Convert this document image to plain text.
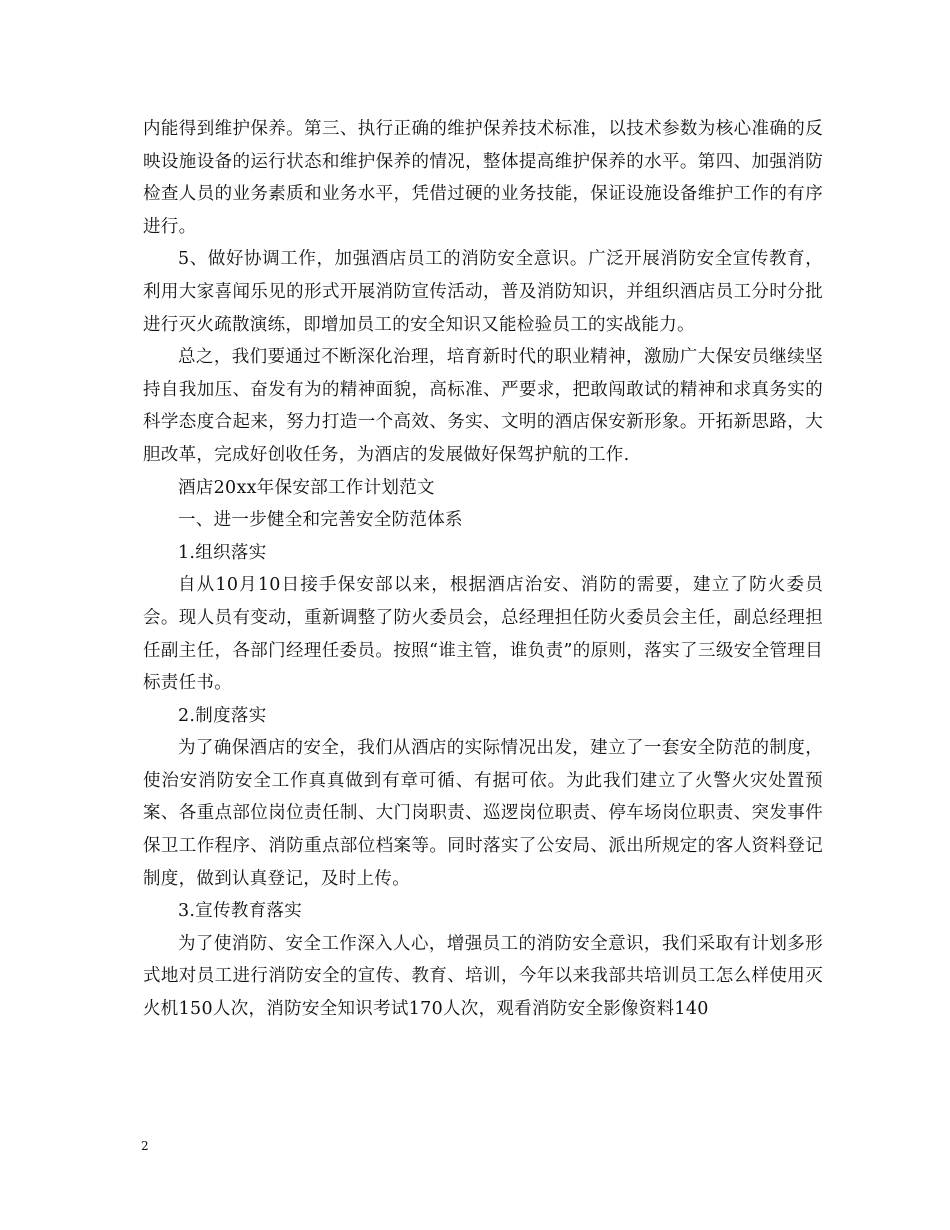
内能得到维护保养。第三、执行正确的维护保养技术标准，以技术参数为核心准确的反映设施设备的运行状态和维护保养的情况，整体提高维护保养的水平。第四、加强消防检查人员的业务素质和业务水平，凭借过硬的业务技能，保证设施设备维护工作的有序进行。

5、做好协调工作，加强酒店员工的消防安全意识。广泛开展消防安全宣传教育，利用大家喜闻乐见的形式开展消防宣传活动，普及消防知识，并组织酒店员工分时分批进行灭火疏散演练，即增加员工的安全知识又能检验员工的实战能力。

总之，我们要通过不断深化治理，培育新时代的职业精神，激励广大保安员继续坚持自我加压、奋发有为的精神面貌，高标准、严要求，把敢闯敢试的精神和求真务实的科学态度合起来，努力打造一个高效、务实、文明的酒店保安新形象。开拓新思路，大胆改革，完成好创收任务，为酒店的发展做好保驾护航的工作.

酒店20xx年保安部工作计划范文

一、进一步健全和完善安全防范体系

1.组织落实

自从10月10日接手保安部以来，根据酒店治安、消防的需要，建立了防火委员会。现人员有变动，重新调整了防火委员会，总经理担任防火委员会主任，副总经理担任副主任，各部门经理任委员。按照“谁主管，谁负责”的原则，落实了三级安全管理目标责任书。

2.制度落实

为了确保酒店的安全，我们从酒店的实际情况出发，建立了一套安全防范的制度，使治安消防安全工作真真做到有章可循、有据可依。为此我们建立了火警火灾处置预案、各重点部位岗位责任制、大门岗职责、巡逻岗位职责、停车场岗位职责、突发事件保卫工作程序、消防重点部位档案等。同时落实了公安局、派出所规定的客人资料登记制度，做到认真登记，及时上传。

3.宣传教育落实

为了使消防、安全工作深入人心，增强员工的消防安全意识，我们采取有计划多形式地对员工进行消防安全的宣传、教育、培训，今年以来我部共培训员工怎么样使用灭火机150人次，消防安全知识考试170人次，观看消防安全影像资料140

2
